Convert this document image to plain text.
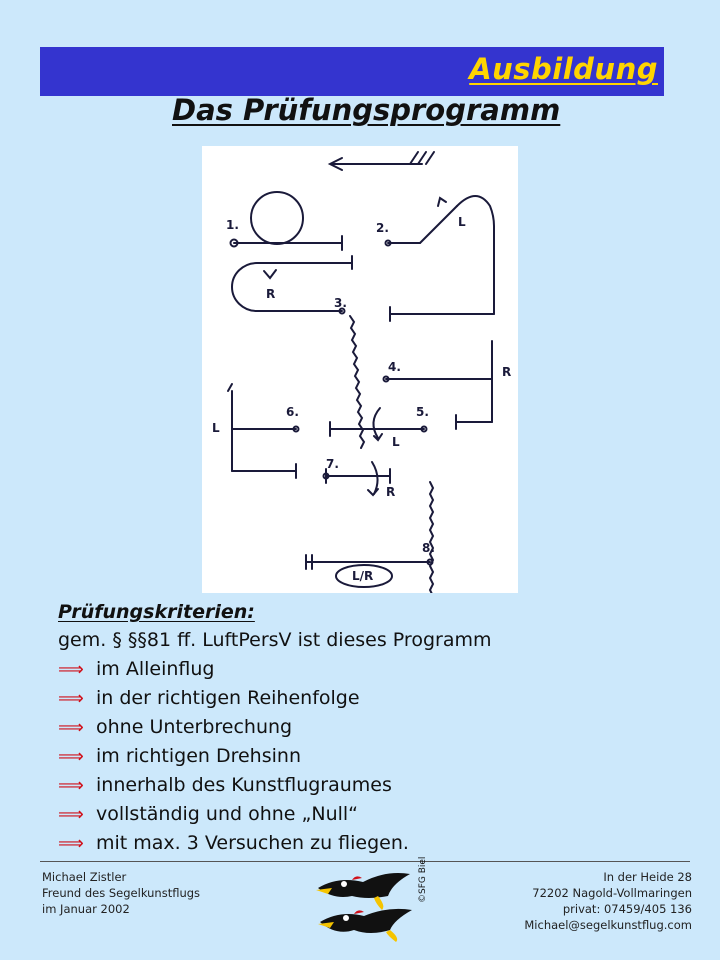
Ausbildung
Das Prüfungsprogramm
1.	2.	L
R
3.
4.	R
6.	5.
L
L
7.
R
8.
L/R
Prüfungskriterien:
gem. § §§81 ff. LuftPersV ist dieses Programm
⟹ im Alleinflug
⟹ in der richtigen Reihenfolge
⟹ ohne Unterbrechung
⟹ im richtigen Drehsinn
⟹ innerhalb des Kunstflugraumes
⟹ vollständig und ohne „Null“
⟹ mit max. 3 Versuchen zu fliegen.
Michael Zistler
Freund des Segelkunstflugs
im Januar 2002
©SFG Biel	In der Heide 28
72202 Nagold-Vollmaringen
privat: 07459/405 136
Michael@segelkunstflug.com
